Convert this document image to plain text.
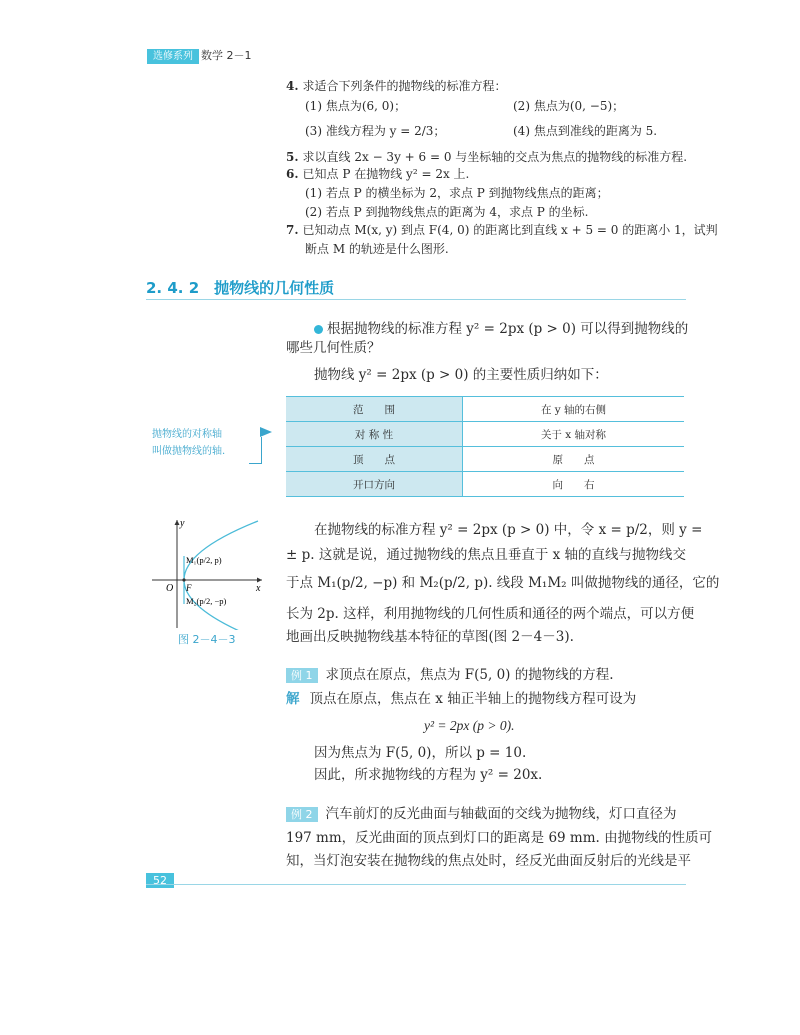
选修系列 数学 2－1
4. 求适合下列条件的抛物线的标准方程：
(1) 焦点为(6, 0)；	(2) 焦点为(0, −5)；
(3) 准线方程为 y = 2/3；	(4) 焦点到准线的距离为 5.
5. 求以直线 2x − 3y + 6 = 0 与坐标轴的交点为焦点的抛物线的标准方程.
6. 已知点 P 在抛物线 y² = 2x 上.
(1) 若点 P 的横坐标为 2，求点 P 到抛物线焦点的距离；
(2) 若点 P 到抛物线焦点的距离为 4，求点 P 的坐标.
7. 已知动点 M(x, y) 到点 F(4, 0) 的距离比到直线 x + 5 = 0 的距离小 1，试判
断点 M 的轨迹是什么图形.
2. 4. 2　抛物线的几何性质
根据抛物线的标准方程 y² = 2px (p > 0) 可以得到抛物线的
哪些几何性质？
抛物线 y² = 2px (p > 0) 的主要性质归纳如下：
范　　围	在 y 轴的右侧
对 称 性	关于 x 轴对称
顶　　点	原　　点
开口方向	向　　右
抛物线的对称轴
叫做抛物线的轴.
y
x
O F
M₁(p/2, p)
M₂(p/2, −p)
图 2－4－3
在抛物线的标准方程 y² = 2px (p > 0) 中，令 x = p/2，则 y =
± p. 这就是说，通过抛物线的焦点且垂直于 x 轴的直线与抛物线交
于点 M₁(p/2, −p) 和 M₂(p/2, p). 线段 M₁M₂ 叫做抛物线的通径，它的
长为 2p. 这样，利用抛物线的几何性质和通径的两个端点，可以方便
地画出反映抛物线基本特征的草图(图 2－4－3).
例 1 求顶点在原点，焦点为 F(5, 0) 的抛物线的方程.
解 顶点在原点，焦点在 x 轴正半轴上的抛物线方程可设为
y² = 2px (p > 0).
因为焦点为 F(5, 0)，所以 p = 10.
因此，所求抛物线的方程为 y² = 20x.
例 2 汽车前灯的反光曲面与轴截面的交线为抛物线，灯口直径为
197 mm，反光曲面的顶点到灯口的距离是 69 mm. 由抛物线的性质可
知，当灯泡安装在抛物线的焦点处时，经反光曲面反射后的光线是平
52
